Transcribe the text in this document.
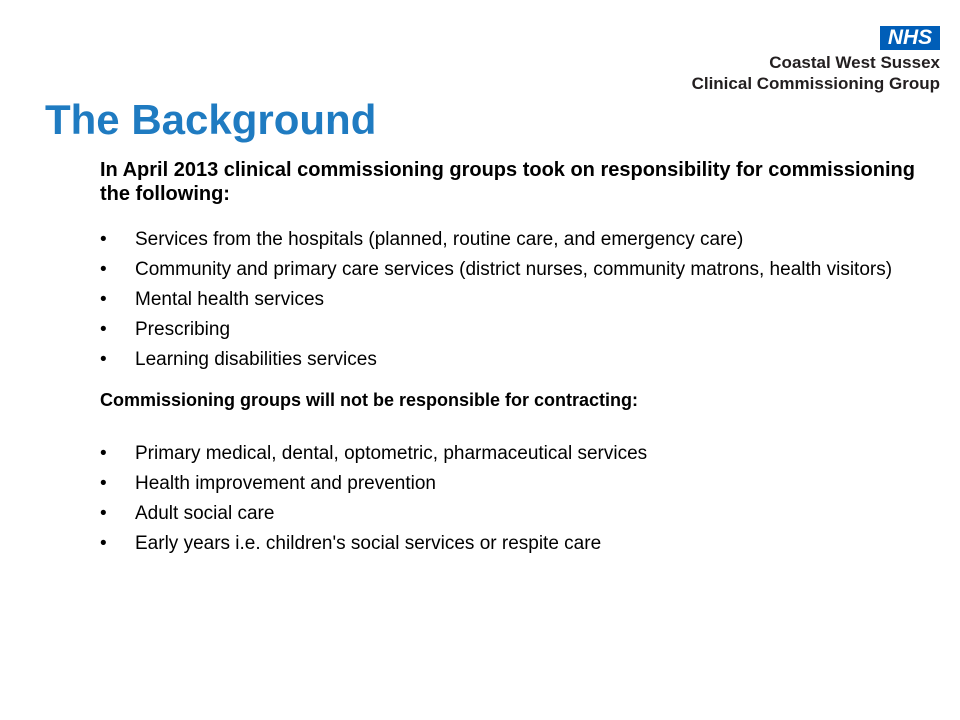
NHS
Coastal West Sussex
Clinical Commissioning Group
The Background

In April 2013 clinical commissioning groups took on responsibility for commissioning the following:

• Services from the hospitals (planned, routine care, and emergency care)
• Community and primary care services (district nurses, community matrons, health visitors)
• Mental health services
• Prescribing
• Learning disabilities services

Commissioning groups will not be responsible for contracting:

• Primary medical, dental, optometric, pharmaceutical services
• Health improvement and prevention
• Adult social care
• Early years i.e. children's social services or respite care
